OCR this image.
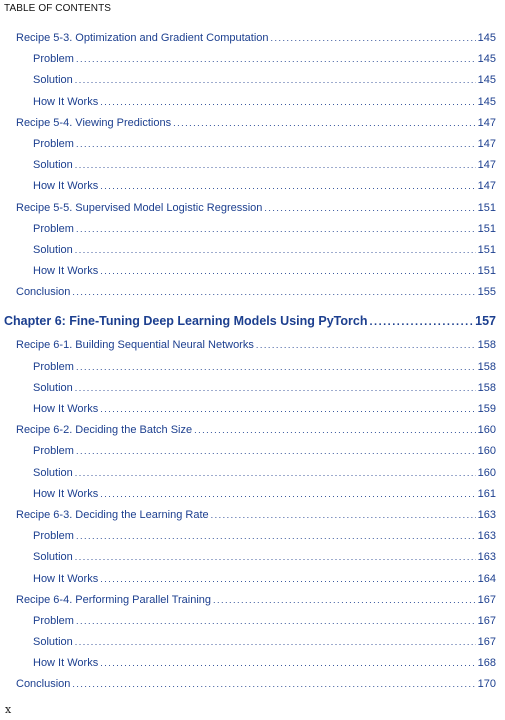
TABLE OF CONTENTS
Recipe 5-3. Optimization and Gradient Computation .....	145
Problem .....	145
Solution .....	145
How It Works .....	145
Recipe 5-4. Viewing Predictions .....	147
Problem .....	147
Solution .....	147
How It Works .....	147
Recipe 5-5. Supervised Model Logistic Regression .....	151
Problem .....	151
Solution .....	151
How It Works .....	151
Conclusion .....	155
Chapter 6: Fine-Tuning Deep Learning Models Using PyTorch .....	157
Recipe 6-1. Building Sequential Neural Networks .....	158
Problem .....	158
Solution .....	158
How It Works .....	159
Recipe 6-2. Deciding the Batch Size .....	160
Problem .....	160
Solution .....	160
How It Works .....	161
Recipe 6-3. Deciding the Learning Rate .....	163
Problem .....	163
Solution .....	163
How It Works .....	164
Recipe 6-4. Performing Parallel Training .....	167
Problem .....	167
Solution .....	167
How It Works .....	168
Conclusion .....	170
x
